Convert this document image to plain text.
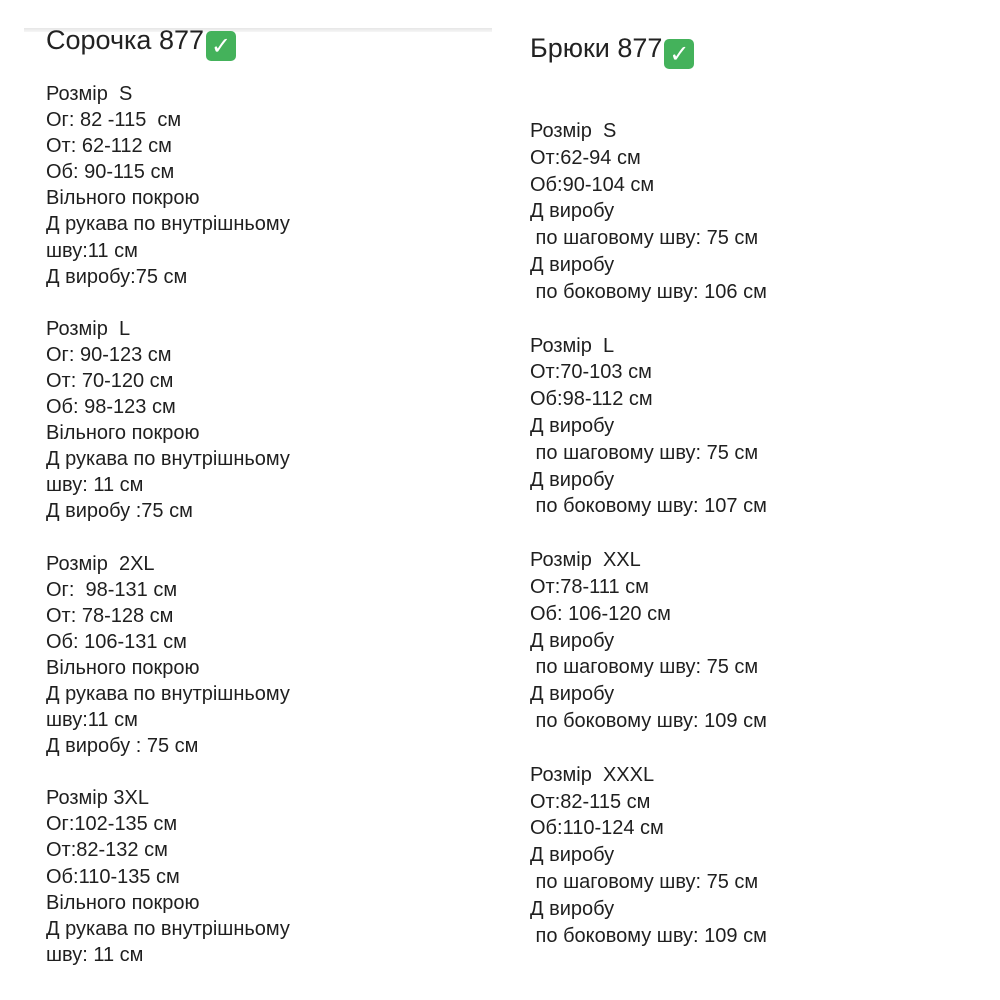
Сорочка 877 ✓
Розмір  S
Ог: 82 -115  см
От: 62-112 см
Об: 90-115 см
Вільного покрою
Д рукава по внутрішньому
шву:11 см
Д виробу:75 см
Розмір  L
Ог: 90-123 см
От: 70-120 см
Об: 98-123 см
Вільного покрою
Д рукава по внутрішньому
шву: 11 см
Д виробу :75 см
Розмір  2XL
Ог:  98-131 см
От: 78-128 см
Об: 106-131 см
Вільного покрою
Д рукава по внутрішньому
шву:11 см
Д виробу : 75 см
Розмір 3XL
Ог:102-135 см
От:82-132 см
Об:110-135 см
Вільного покрою
Д рукава по внутрішньому
шву: 11 см
Брюки 877 ✓
Розмір  S
От:62-94 см
Об:90-104 см
Д виробу
по шаговому шву: 75 см
Д виробу
по боковому шву: 106 см
Розмір  L
От:70-103 см
Об:98-112 см
Д виробу
по шаговому шву: 75 см
Д виробу
по боковому шву: 107 см
Розмір  XXL
От:78-111 см
Об: 106-120 см
Д виробу
по шаговому шву: 75 см
Д виробу
по боковому шву: 109 см
Розмір  XXXL
От:82-115 см
Об:110-124 см
Д виробу
по шаговому шву: 75 см
Д виробу
по боковому шву: 109 см
